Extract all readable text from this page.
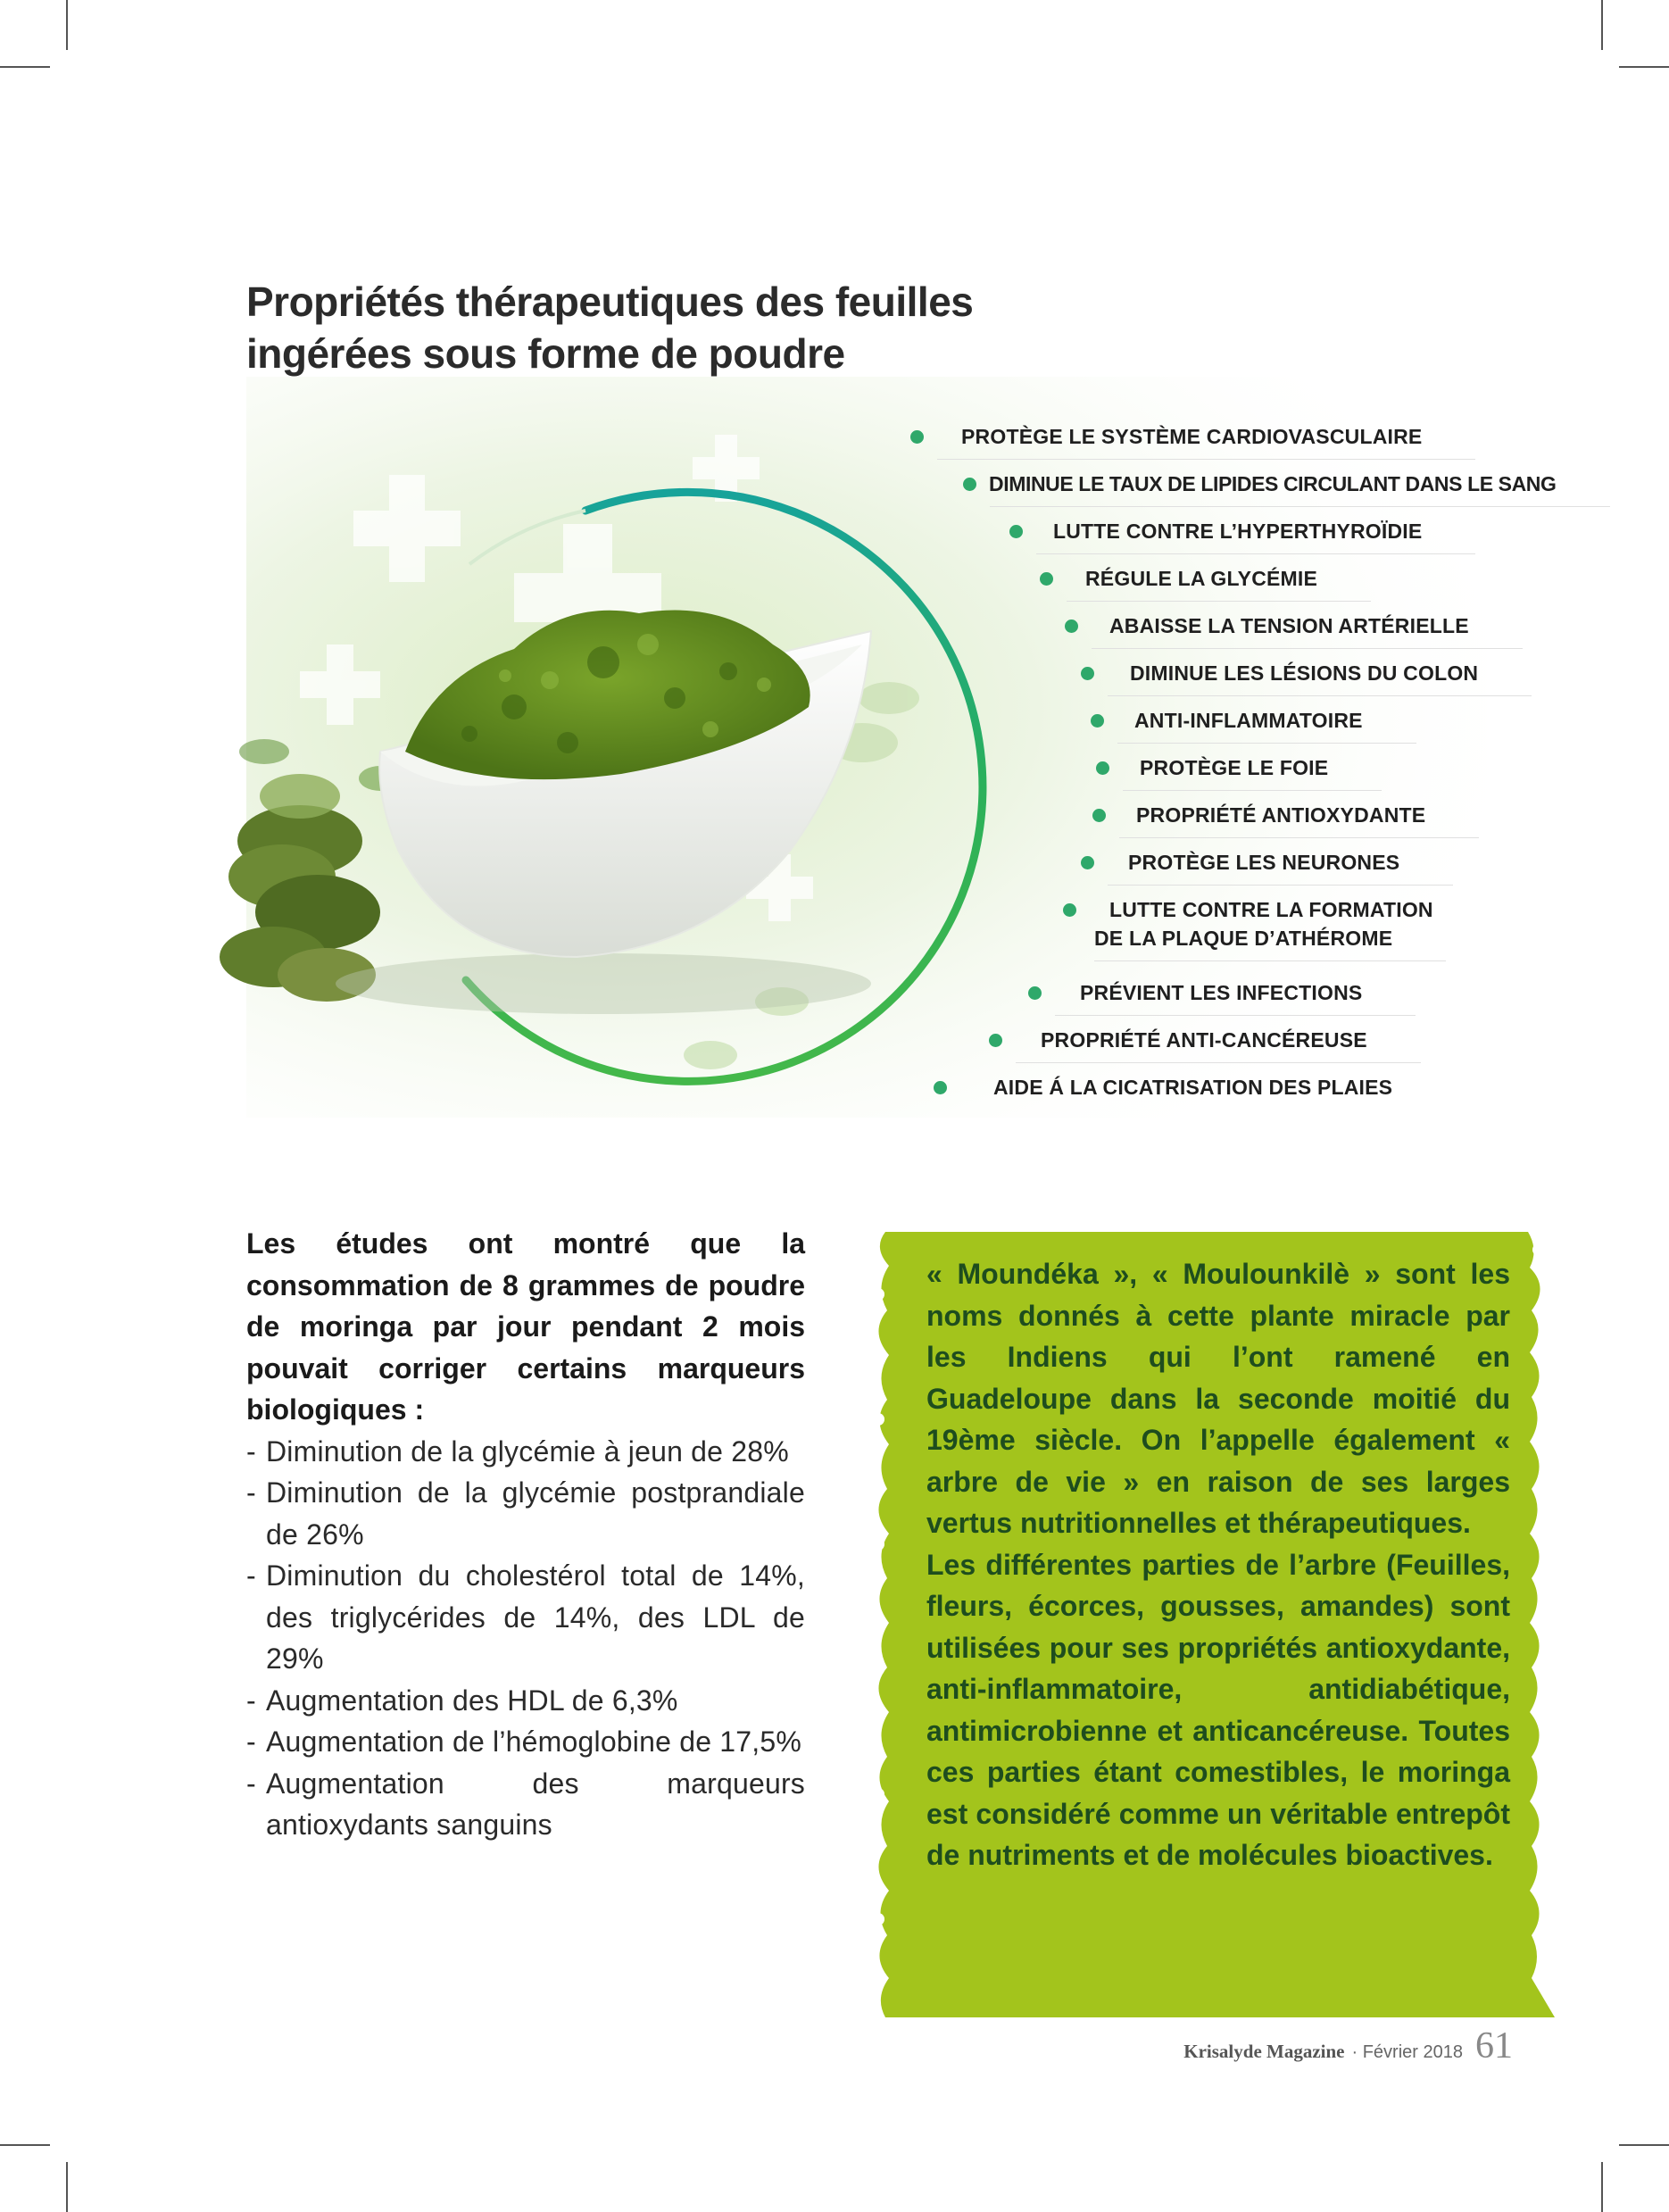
Propriétés thérapeutiques des feuilles
ingérées sous forme de poudre
PROTÈGE LE SYSTÈME CARDIOVASCULAIRE
DIMINUE LE TAUX DE LIPIDES CIRCULANT DANS LE SANG
LUTTE CONTRE L’HYPERTHYROÏDIE
RÉGULE LA GLYCÉMIE
ABAISSE LA TENSION ARTÉRIELLE
DIMINUE LES LÉSIONS DU COLON
ANTI-INFLAMMATOIRE
PROTÈGE LE FOIE
PROPRIÉTÉ ANTIOXYDANTE
PROTÈGE LES NEURONES
LUTTE CONTRE LA FORMATION
DE LA PLAQUE D’ATHÉROME
PRÉVIENT LES INFECTIONS
PROPRIÉTÉ ANTI-CANCÉREUSE
AIDE Á LA CICATRISATION DES PLAIES

Les études ont montré que la consommation de 8 grammes de poudre de moringa par jour pendant 2 mois pouvait corriger certains marqueurs biologiques :

- Diminution de la glycémie à jeun de 28%
- Diminution de la glycémie postprandiale de 26%
- Diminution du cholestérol total de 14%, des triglycérides de 14%, des LDL de 29%
- Augmentation des HDL de 6,3%
- Augmentation de l’hémoglobine de 17,5%
- Augmentation des marqueurs antioxydants sanguins

« Moundéka », « Moulounkilè » sont les noms donnés à cette plante miracle par les Indiens qui l’ont ramené en Guadeloupe dans la seconde moitié du 19ème siècle. On l’appelle également « arbre de vie » en raison de ses larges vertus nutritionnelles et thérapeutiques.

Les différentes parties de l’arbre (Feuilles, fleurs, écorces, gousses, amandes) sont utilisées pour ses propriétés antioxydante, anti-inflammatoire, antidiabétique, antimicrobienne et anticancéreuse. Toutes ces parties étant comestibles, le moringa est considéré comme un véritable entrepôt de nutriments et de molécules bioactives.

Krisalyde Magazine · Février 2018 61
